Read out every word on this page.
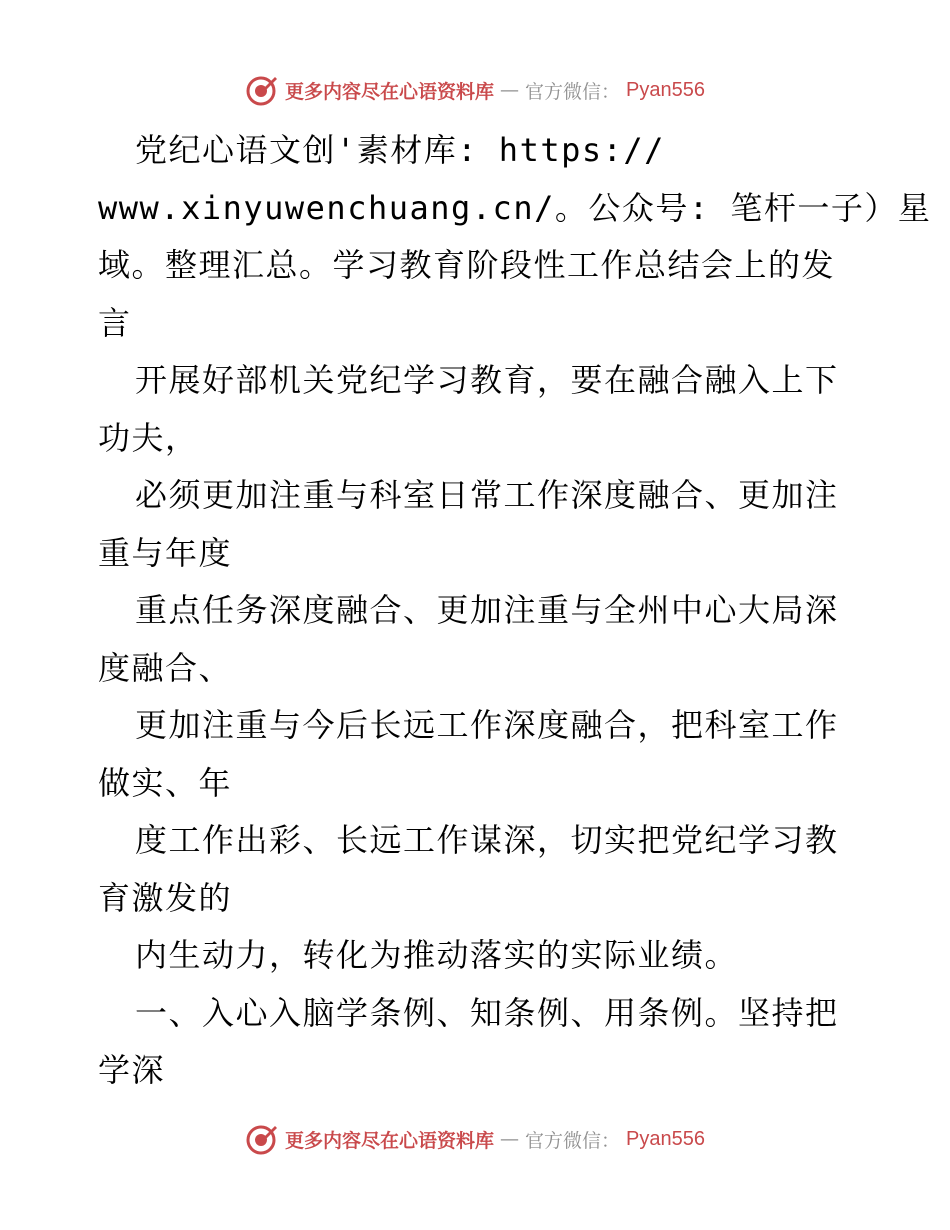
更多内容尽在心语资料库 — 官方微信： Pyan556
党纪心语文创'素材库: https://
www.xinyuwenchuang.cn/。公众号: 笔杆一子）星
域。整理汇总。学习教育阶段性工作总结会上的发
言
开展好部机关党纪学习教育，要在融合融入上下
功夫，
必须更加注重与科室日常工作深度融合、更加注
重与年度
重点任务深度融合、更加注重与全州中心大局深
度融合、
更加注重与今后长远工作深度融合，把科室工作
做实、年
度工作出彩、长远工作谋深，切实把党纪学习教
育激发的
内生动力，转化为推动落实的实际业绩。
一、入心入脑学条例、知条例、用条例。坚持把
学深
更多内容尽在心语资料库 — 官方微信： Pyan556
